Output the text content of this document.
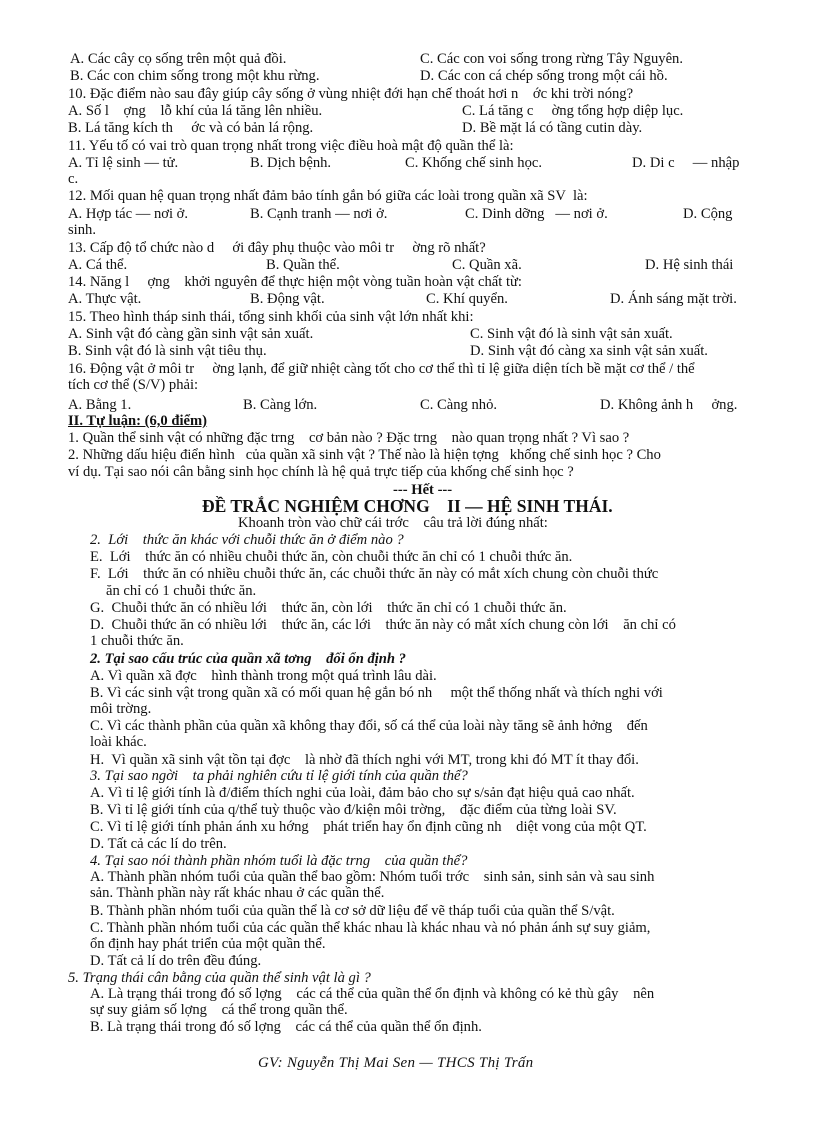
A. Các cây cọ sống trên một quả đồi.	C. Các con voi sống trong rừng Tây Nguyên.
B. Các con chim sống trong một khu rừng.	D. Các con cá chép sống trong một cái hồ.
10. Đặc điểm nào sau đây giúp cây sống ở vùng nhiệt đới hạn chế thoát hơi n    ớc khi trời nóng?
A. Số l    ợng    lỗ khí của lá tăng lên nhiều.	C. Lá tăng c     ờng tổng hợp diệp lục.
B. Lá tăng kích th     ớc và có bản lá rộng.	D. Bề mặt lá có tầng cutin dày.
11. Yếu tố có vai trò quan trọng nhất trong việc điều hoà mật độ quần thể là:
A. Tỉ lệ sinh — tử.	B. Dịch bệnh.	C. Khống chế sinh học.	D. Di c     — nhập
c.
12. Mối quan hệ quan trọng nhất đảm bảo tính gắn bó giữa các loài trong quần xã SV  là:
A. Hợp tác — nơi ở.	B. Cạnh tranh — nơi ở.	C. Dinh dỡng   — nơi ở.	D. Cộng
sinh.
13. Cấp độ tổ chức nào d     ới đây phụ thuộc vào môi tr     ờng rõ nhất?
A. Cá thể.	B. Quần thể.	C. Quần xã.	D. Hệ sinh thái
14. Năng l     ợng    khởi nguyên để thực hiện một vòng tuần hoàn vật chất từ:
A. Thực vật.	B. Động vật.	C. Khí quyển.	D. Ánh sáng mặt trời.
15. Theo hình tháp sinh thái, tổng sinh khối của sinh vật lớn nhất khi:
A. Sinh vật đó càng gần sinh vật sản xuất.	C. Sinh vật đó là sinh vật sản xuất.
B. Sinh vật đó là sinh vật tiêu thụ.	D. Sinh vật đó càng xa sinh vật sản xuất.
16. Động vật ở môi tr     ờng lạnh, để giữ nhiệt càng tốt cho cơ thể thì tỉ lệ giữa diện tích bề mặt cơ thể / thể
tích cơ thể (S/V) phải:
A. Bằng 1.	B. Càng lớn.	C. Càng nhỏ.	D. Không ảnh h     ởng.
II. Tự luận: (6,0 điểm)
1. Quần thể sinh vật có những đặc trng    cơ bản nào ? Đặc trng    nào quan trọng nhất ? Vì sao ?
2. Những dấu hiệu điển hình   của quần xã sinh vật ? Thế nào là hiện tợng   khống chế sinh học ? Cho
ví dụ. Tại sao nói cân bằng sinh học chính là hệ quả trực tiếp của khống chế sinh học ?
--- Hết ---
ĐỀ TRẮC NGHIỆM CHƠNG    II — HỆ SINH THÁI.
Khoanh tròn vào chữ cái trớc    câu trả lời đúng nhất:
2.  Lới    thức ăn khác với chuỗi thức ăn ở điểm nào ?
E.  Lới    thức ăn có nhiều chuỗi thức ăn, còn chuỗi thức ăn chỉ có 1 chuỗi thức ăn.
F.  Lới    thức ăn có nhiều chuỗi thức ăn, các chuỗi thức ăn này có mắt xích chung còn chuỗi thức
ăn chỉ có 1 chuỗi thức ăn.
G.  Chuỗi thức ăn có nhiều lới    thức ăn, còn lới    thức ăn chỉ có 1 chuỗi thức ăn.
D.  Chuỗi thức ăn có nhiều lới    thức ăn, các lới    thức ăn này có mắt xích chung còn lới    ăn chỉ có
1 chuỗi thức ăn.
2. Tại sao cấu trúc của quần xã tơng    đối ổn định ?
A. Vì quần xã đợc    hình thành trong một quá trình lâu dài.
B. Vì các sinh vật trong quần xã có mối quan hệ gắn bó nh     một thể thống nhất và thích nghi với
môi trờng.
C. Vì các thành phần của quần xã không thay đổi, số cá thể của loài này tăng sẽ ảnh hởng    đến
loài khác.
H.  Vì quần xã sinh vật tồn tại đợc    là nhờ đã thích nghi với MT, trong khi đó MT ít thay đổi.
3. Tại sao ngời    ta phải nghiên cứu tỉ lệ giới tính của quần thể?
A. Vì tỉ lệ giới tính là đ/điểm thích nghi của loài, đảm bảo cho sự s/sản đạt hiệu quả cao nhất.
B. Vì tỉ lệ giới tính của q/thể tuỳ thuộc vào đ/kiện môi trờng,    đặc điểm của từng loài SV.
C. Vì tỉ lệ giới tính phản ánh xu hớng    phát triển hay ổn định cũng nh    diệt vong của một QT.
D. Tất cả các lí do trên.
4. Tại sao nói thành phần nhóm tuổi là đặc trng    của quần thể?
A. Thành phần nhóm tuổi của quần thể bao gồm: Nhóm tuổi trớc    sinh sản, sinh sản và sau sinh
sản. Thành phần này rất khác nhau ở các quần thể.
B. Thành phần nhóm tuổi của quần thể là cơ sở dữ liệu để vẽ tháp tuổi của quần thể S/vật.
C. Thành phần nhóm tuổi của các quần thể khác nhau là khác nhau và nó phản ánh sự suy giảm,
ổn định hay phát triển của một quần thể.
D. Tất cả lí do trên đều đúng.
5. Trạng thái cân bằng của quần thể sinh vật là gì ?
A. Là trạng thái trong đó số lợng    các cá thể của quần thể ổn định và không có kẻ thù gây    nên
sự suy giảm số lợng    cá thể trong quần thể.
B. Là trạng thái trong đó số lợng    các cá thể của quần thể ổn định.
GV: Nguyễn Thị Mai Sen — THCS Thị Trấn
